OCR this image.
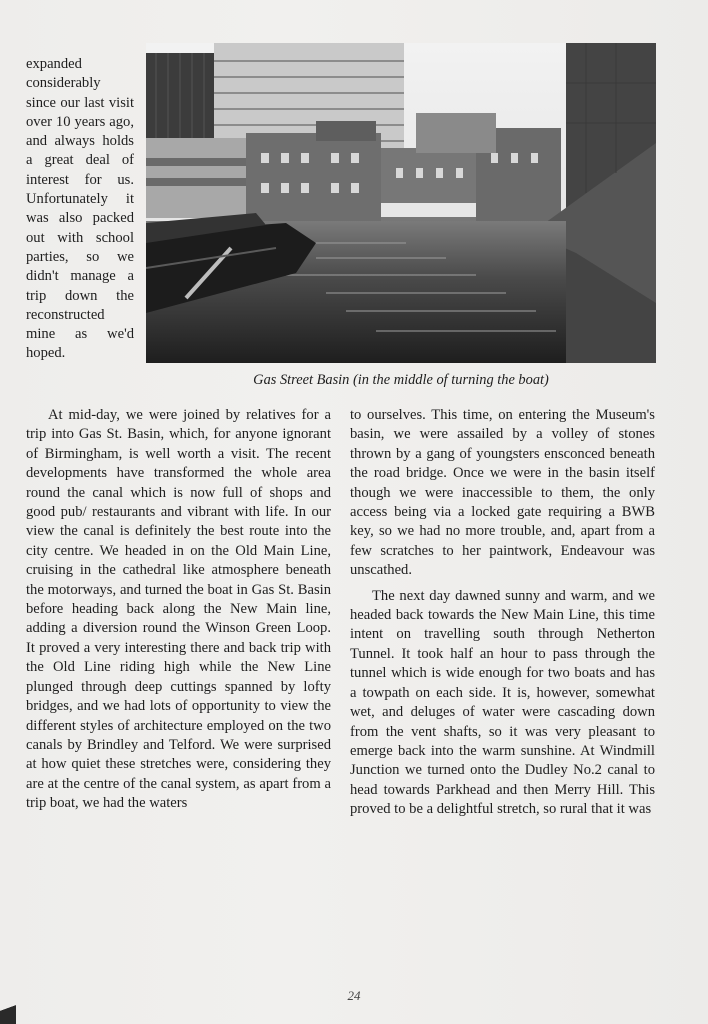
expanded considerably since our last visit over 10 years ago, and always holds a great deal of interest for us. Unfortunately it was also packed out with school parties, so we didn't manage a trip down the reconstructed mine as we'd hoped.
Gas Street Basin (in the middle of turning the boat)

At mid-day, we were joined by relatives for a trip into Gas St. Basin, which, for anyone ignorant of Birmingham, is well worth a visit. The recent developments have transformed the whole area round the canal which is now full of shops and good pub/ restaurants and vibrant with life. In our view the canal is definitely the best route into the city centre. We headed in on the Old Main Line, cruising in the cathedral like atmosphere beneath the motorways, and turned the boat in Gas St. Basin before heading back along the New Main line, adding a diversion round the Winson Green Loop. It proved a very interesting there and back trip with the Old Line riding high while the New Line plunged through deep cuttings spanned by lofty bridges, and we had lots of opportunity to view the different styles of architecture employed on the two canals by Brindley and Telford. We were surprised at how quiet these stretches were, considering they are at the centre of the canal system, as apart from a trip boat, we had the waters

to ourselves. This time, on entering the Museum's basin, we were assailed by a volley of stones thrown by a gang of youngsters ensconced beneath the road bridge. Once we were in the basin itself though we were inaccessible to them, the only access being via a locked gate requiring a BWB key, so we had no more trouble, and, apart from a few scratches to her paintwork, Endeavour was unscathed.

The next day dawned sunny and warm, and we headed back towards the New Main Line, this time intent on travelling south through Netherton Tunnel. It took half an hour to pass through the tunnel which is wide enough for two boats and has a towpath on each side. It is, however, somewhat wet, and deluges of water were cascading down from the vent shafts, so it was very pleasant to emerge back into the warm sunshine. At Windmill Junction we turned onto the Dudley No.2 canal to head towards Parkhead and then Merry Hill. This proved to be a delightful stretch, so rural that it was

24
